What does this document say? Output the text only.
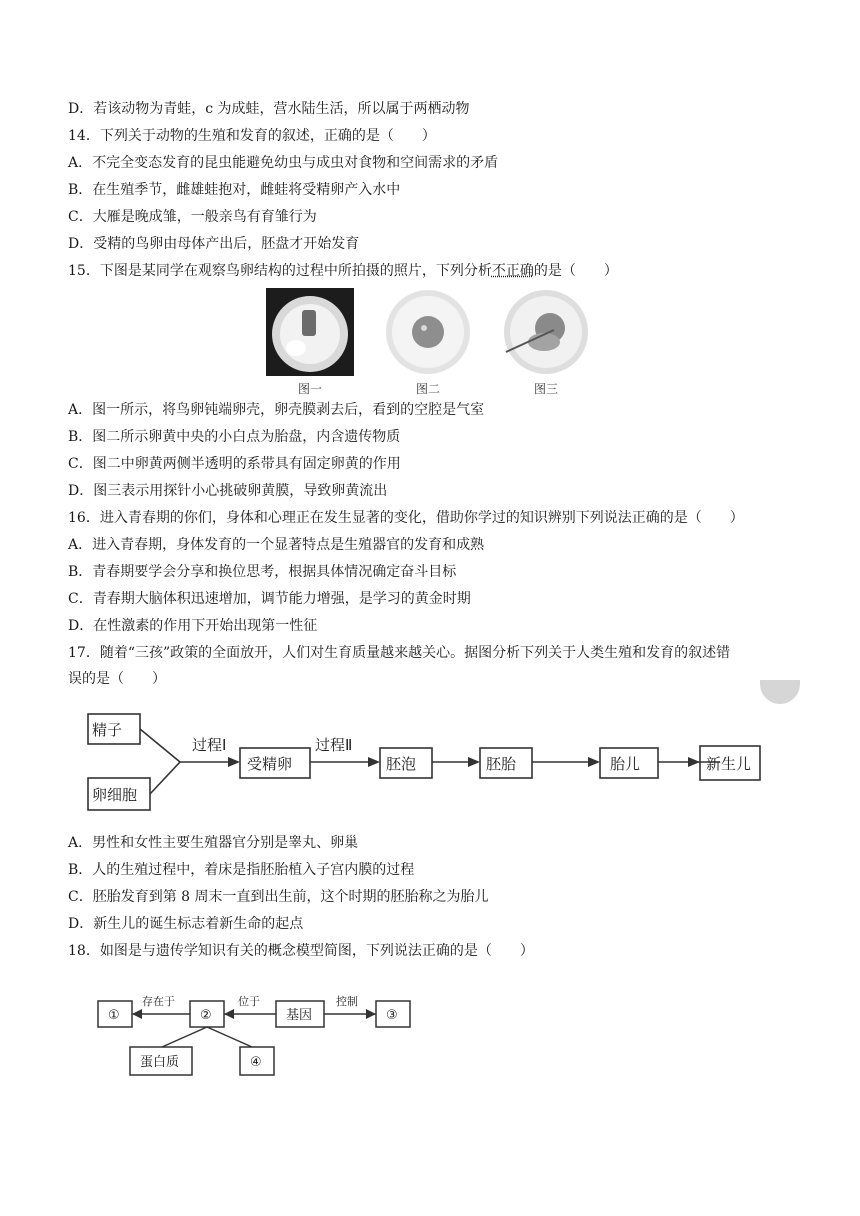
D．若该动物为青蛙，c 为成蛙，营水陆生活，所以属于两栖动物
14．下列关于动物的生殖和发育的叙述，正确的是（　　）
A．不完全变态发育的昆虫能避免幼虫与成虫对食物和空间需求的矛盾
B．在生殖季节，雌雄蛙抱对，雌蛙将受精卵产入水中
C．大雁是晚成雏，一般亲鸟有育雏行为
D．受精的鸟卵由母体产出后，胚盘才开始发育
15．下图是某同学在观察鸟卵结构的过程中所拍摄的照片，下列分析不正确的是（　　）
图一	图二	图三
A．图一所示，将鸟卵钝端卵壳，卵壳膜剥去后，看到的空腔是气室
B．图二所示卵黄中央的小白点为胎盘，内含遗传物质
C．图二中卵黄两侧半透明的系带具有固定卵黄的作用
D．图三表示用探针小心挑破卵黄膜，导致卵黄流出
16．进入青春期的你们，身体和心理正在发生显著的变化，借助你学过的知识辨别下列说法正确的是（　　）
A．进入青春期，身体发育的一个显著特点是生殖器官的发育和成熟
B．青春期要学会分享和换位思考，根据具体情况确定奋斗目标
C．青春期大脑体积迅速增加，调节能力增强，是学习的黄金时期
D．在性激素的作用下开始出现第一性征
17．随着“三孩”政策的全面放开，人们对生育质量越来越关心。据图分析下列关于人类生殖和发育的叙述错
误的是（　　）
精子
卵细胞
过程Ⅰ
受精卵
过程Ⅱ
胚泡	胚胎	胎儿	新生儿
A．男性和女性主要生殖器官分别是睾丸、卵巢
B．人的生殖过程中，着床是指胚胎植入子宫内膜的过程
C．胚胎发育到第 8 周末一直到出生前，这个时期的胚胎称之为胎儿
D．新生儿的诞生标志着新生命的起点
18．如图是与遗传学知识有关的概念模型简图，下列说法正确的是（　　）
①
存在于
②
位于
基因
控制
③
蛋白质	④
